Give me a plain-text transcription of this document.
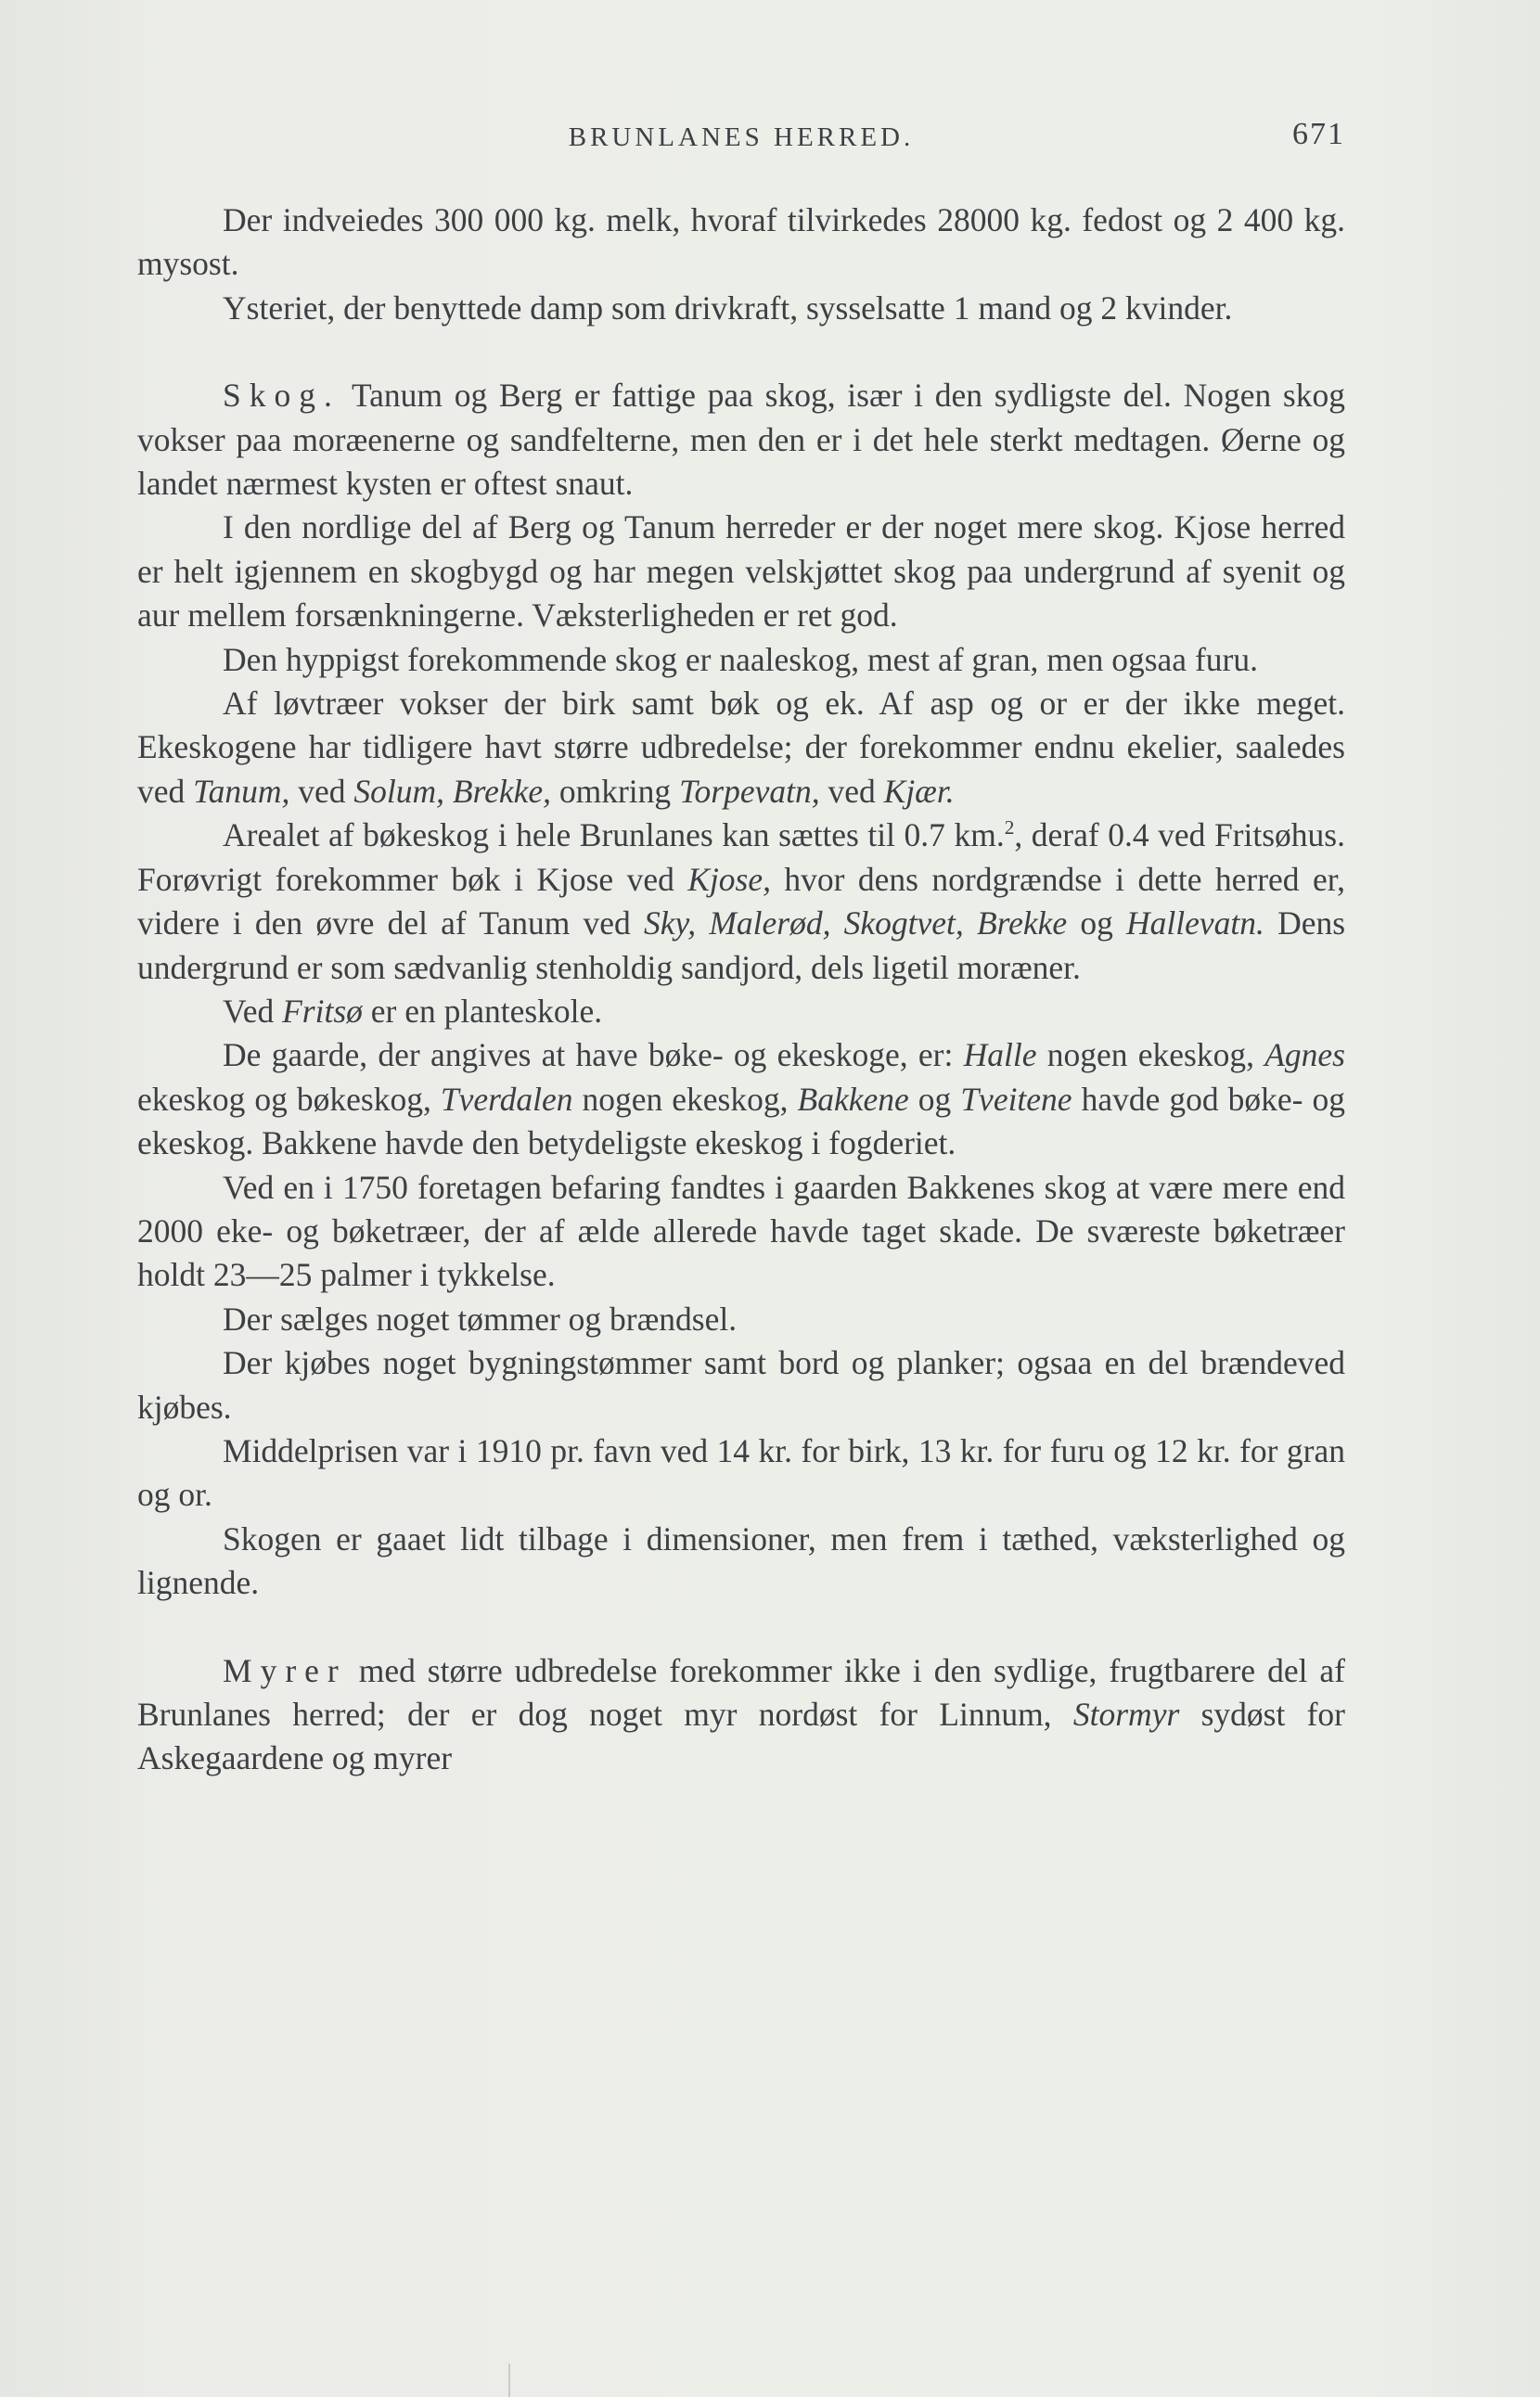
BRUNLANES HERRED.	671

Der indveiedes 300 000 kg. melk, hvoraf tilvirkedes 28000 kg. fedost og 2 400 kg. mysost.

Ysteriet, der benyttede damp som drivkraft, sysselsatte 1 mand og 2 kvinder.

Skog. Tanum og Berg er fattige paa skog, især i den sydligste del. Nogen skog vokser paa moræenerne og sandfelterne, men den er i det hele sterkt medtagen. Øerne og landet nærmest kysten er oftest snaut.

I den nordlige del af Berg og Tanum herreder er der noget mere skog. Kjose herred er helt igjennem en skogbygd og har megen velskjøttet skog paa undergrund af syenit og aur mellem forsænkningerne. Væksterligheden er ret god.

Den hyppigst forekommende skog er naaleskog, mest af gran, men ogsaa furu.

Af løvtræer vokser der birk samt bøk og ek. Af asp og or er der ikke meget. Ekeskogene har tidligere havt større udbredelse; der forekommer endnu ekelier, saaledes ved Tanum, ved Solum, Brekke, omkring Torpevatn, ved Kjær.

Arealet af bøkeskog i hele Brunlanes kan sættes til 0.7 km.$^2$, deraf 0.4 ved Fritsøhus. Forøvrigt forekommer bøk i Kjose ved Kjose, hvor dens nordgrændse i dette herred er, videre i den øvre del af Tanum ved Sky, Malerød, Skogtvet, Brekke og Hallevatn. Dens undergrund er som sædvanlig stenholdig sandjord, dels ligetil moræner.

Ved Fritsø er en planteskole.

De gaarde, der angives at have bøke- og ekeskoge, er: Halle nogen ekeskog, Agnes ekeskog og bøkeskog, Tverdalen nogen ekeskog, Bakkene og Tveitene havde god bøke- og ekeskog. Bakkene havde den betydeligste ekeskog i fogderiet.

Ved en i 1750 foretagen befaring fandtes i gaarden Bakkenes skog at være mere end 2000 eke- og bøketræer, der af ælde allerede havde taget skade. De sværeste bøketræer holdt 23—25 palmer i tykkelse.

Der sælges noget tømmer og brændsel.

Der kjøbes noget bygningstømmer samt bord og planker; ogsaa en del brændeved kjøbes.

Middelprisen var i 1910 pr. favn ved 14 kr. for birk, 13 kr. for furu og 12 kr. for gran og or.

Skogen er gaaet lidt tilbage i dimensioner, men frem i tæthed, væksterlighed og lignende.

Myrer med større udbredelse forekommer ikke i den sydlige, frugtbarere del af Brunlanes herred; der er dog noget myr nordøst for Linnum, Stormyr sydøst for Askegaardene og myrer
